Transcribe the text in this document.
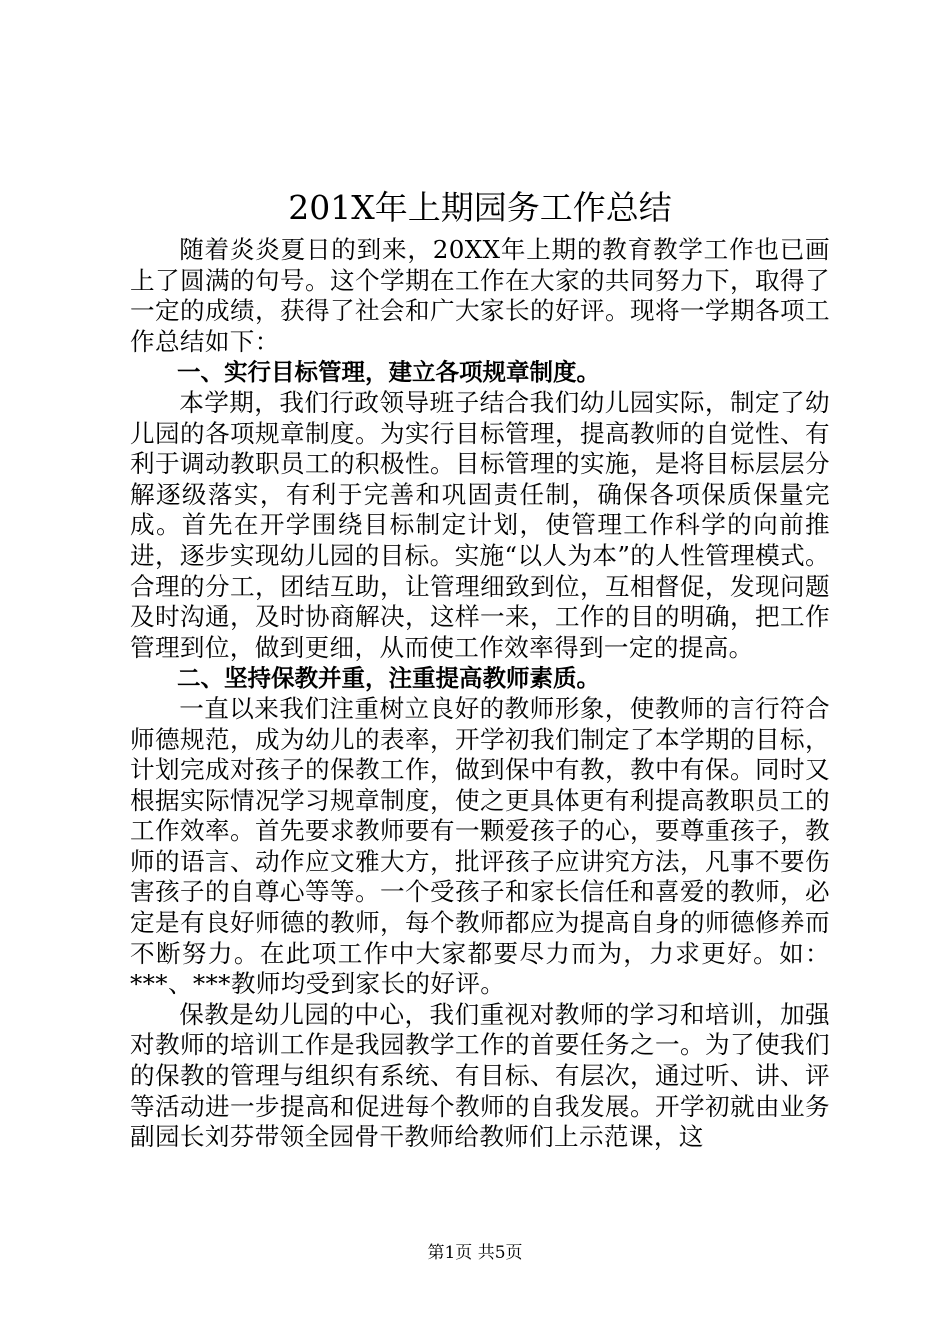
201X年上期园务工作总结

随着炎炎夏日的到来，20XX年上期的教育教学工作也已画上了圆满的句号。这个学期在工作在大家的共同努力下，取得了一定的成绩，获得了社会和广大家长的好评。现将一学期各项工作总结如下：

一、实行目标管理，建立各项规章制度。

本学期，我们行政领导班子结合我们幼儿园实际，制定了幼儿园的各项规章制度。为实行目标管理，提高教师的自觉性、有利于调动教职员工的积极性。目标管理的实施，是将目标层层分解逐级落实，有利于完善和巩固责任制，确保各项保质保量完成。首先在开学围绕目标制定计划，使管理工作科学的向前推进，逐步实现幼儿园的目标。实施“以人为本”的人性管理模式。合理的分工，团结互助，让管理细致到位，互相督促，发现问题及时沟通，及时协商解决，这样一来，工作的目的明确，把工作管理到位，做到更细，从而使工作效率得到一定的提高。

二、坚持保教并重，注重提高教师素质。

一直以来我们注重树立良好的教师形象，使教师的言行符合师德规范，成为幼儿的表率，开学初我们制定了本学期的目标，计划完成对孩子的保教工作，做到保中有教，教中有保。同时又根据实际情况学习规章制度，使之更具体更有利提高教职员工的工作效率。首先要求教师要有一颗爱孩子的心，要尊重孩子，教师的语言、动作应文雅大方，批评孩子应讲究方法，凡事不要伤害孩子的自尊心等等。一个受孩子和家长信任和喜爱的教师，必定是有良好师德的教师，每个教师都应为提高自身的师德修养而不断努力。在此项工作中大家都要尽力而为，力求更好。如：***、***教师均受到家长的好评。

保教是幼儿园的中心，我们重视对教师的学习和培训，加强对教师的培训工作是我园教学工作的首要任务之一。为了使我们的保教的管理与组织有系统、有目标、有层次，通过听、讲、评等活动进一步提高和促进每个教师的自我发展。开学初就由业务副园长刘芬带领全园骨干教师给教师们上示范课，这

第1页 共5页
